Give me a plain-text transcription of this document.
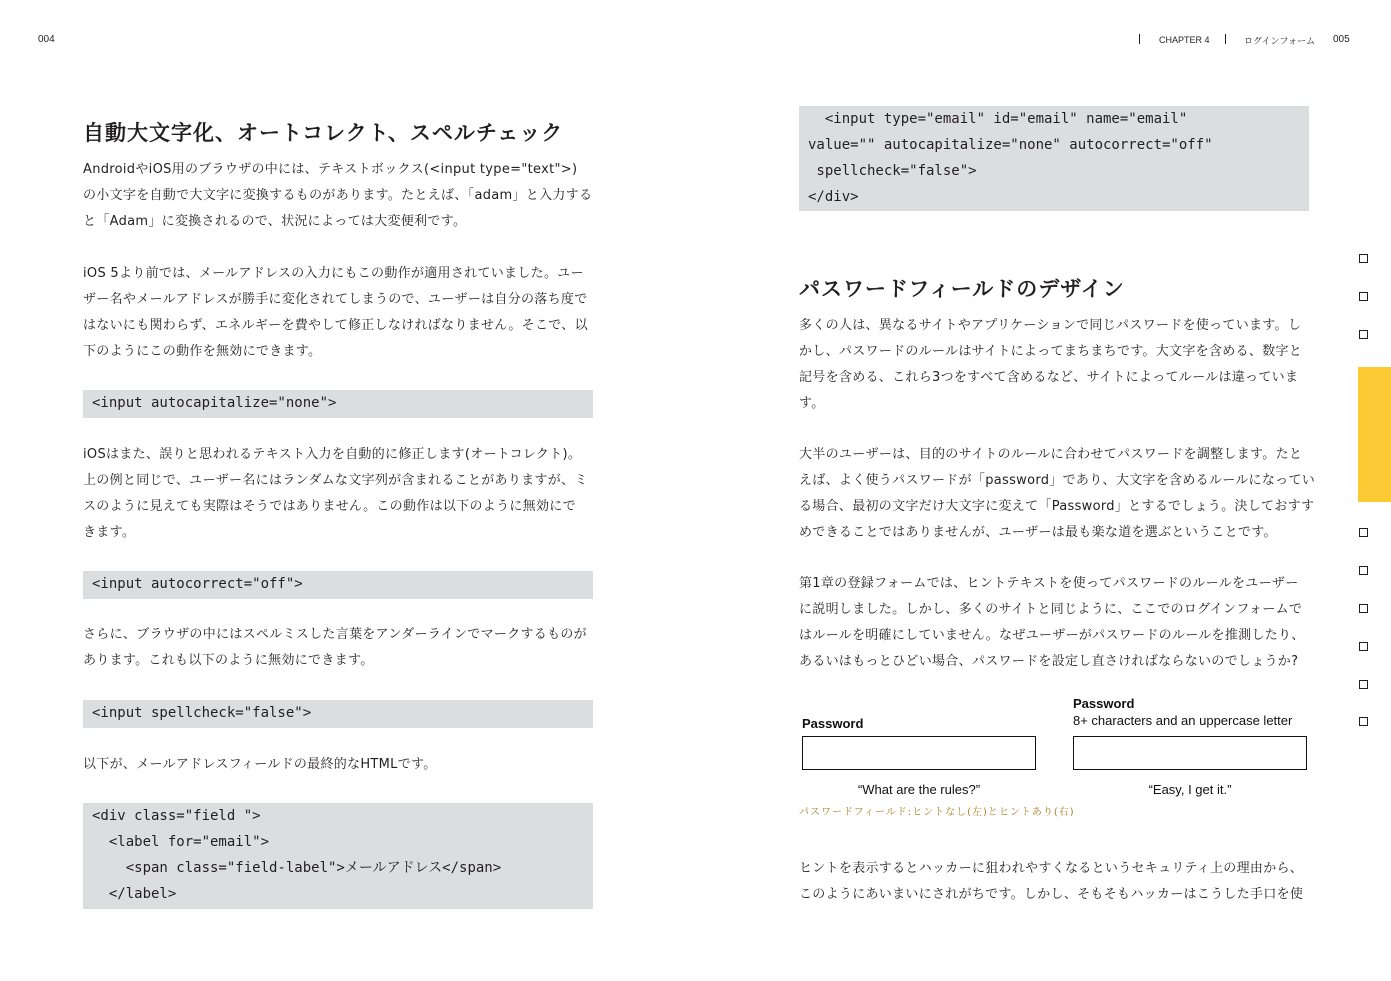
004
自動大文字化、オートコレクト、スペルチェック
AndroidやiOS用のブラウザの中には、テキストボックス(<input type="text">)
の小文字を自動で大文字に変換するものがあります。たとえば、「adam」と入力する
と「Adam」に変換されるので、状況によっては大変便利です。
iOS 5より前では、メールアドレスの入力にもこの動作が適用されていました。ユー
ザー名やメールアドレスが勝手に変化されてしまうので、ユーザーは自分の落ち度で
はないにも関わらず、エネルギーを費やして修正しなければなりません。そこで、以
下のようにこの動作を無効にできます。
<input autocapitalize="none">
iOSはまた、誤りと思われるテキスト入力を自動的に修正します(オートコレクト)。
上の例と同じで、ユーザー名にはランダムな文字列が含まれることがありますが、ミ
スのように見えても実際はそうではありません。この動作は以下のように無効にで
きます。
<input autocorrect="off">
さらに、ブラウザの中にはスペルミスした言葉をアンダーラインでマークするものが
あります。これも以下のように無効にできます。
<input spellcheck="false">
以下が、メールアドレスフィールドの最終的なHTMLです。
<div class="field ">
<label for="email">
<span class="field-label">メールアドレス</span>
</label>
CHAPTER 4	ログインフォーム 005
<input type="email" id="email" name="email"
value="" autocapitalize="none" autocorrect="off"
spellcheck="false">
</div>
パスワードフィールドのデザイン
多くの人は、異なるサイトやアプリケーションで同じパスワードを使っています。し
かし、パスワードのルールはサイトによってまちまちです。大文字を含める、数字と
記号を含める、これら3つをすべて含めるなど、サイトによってルールは違っていま
す。
大半のユーザーは、目的のサイトのルールに合わせてパスワードを調整します。たと
えば、よく使うパスワードが「password」であり、大文字を含めるルールになってい
る場合、最初の文字だけ大文字に変えて「Password」とするでしょう。決しておすす
めできることではありませんが、ユーザーは最も楽な道を選ぶということです。
第1章の登録フォームでは、ヒントテキストを使ってパスワードのルールをユーザー
に説明しました。しかし、多くのサイトと同じように、ここでのログインフォームで
はルールを明確にしていません。なぜユーザーがパスワードのルールを推測したり、
あるいはもっとひどい場合、パスワードを設定し直さければならないのでしょうか?
Password
“What are the rules?”
Password
8+ characters and an uppercase letter
“Easy, I get it.”
パスワードフィールド:ヒントなし(左)とヒントあり(右)
ヒントを表示するとハッカーに狙われやすくなるというセキュリティ上の理由から、
このようにあいまいにされがちです。しかし、そもそもハッカーはこうした手口を使
